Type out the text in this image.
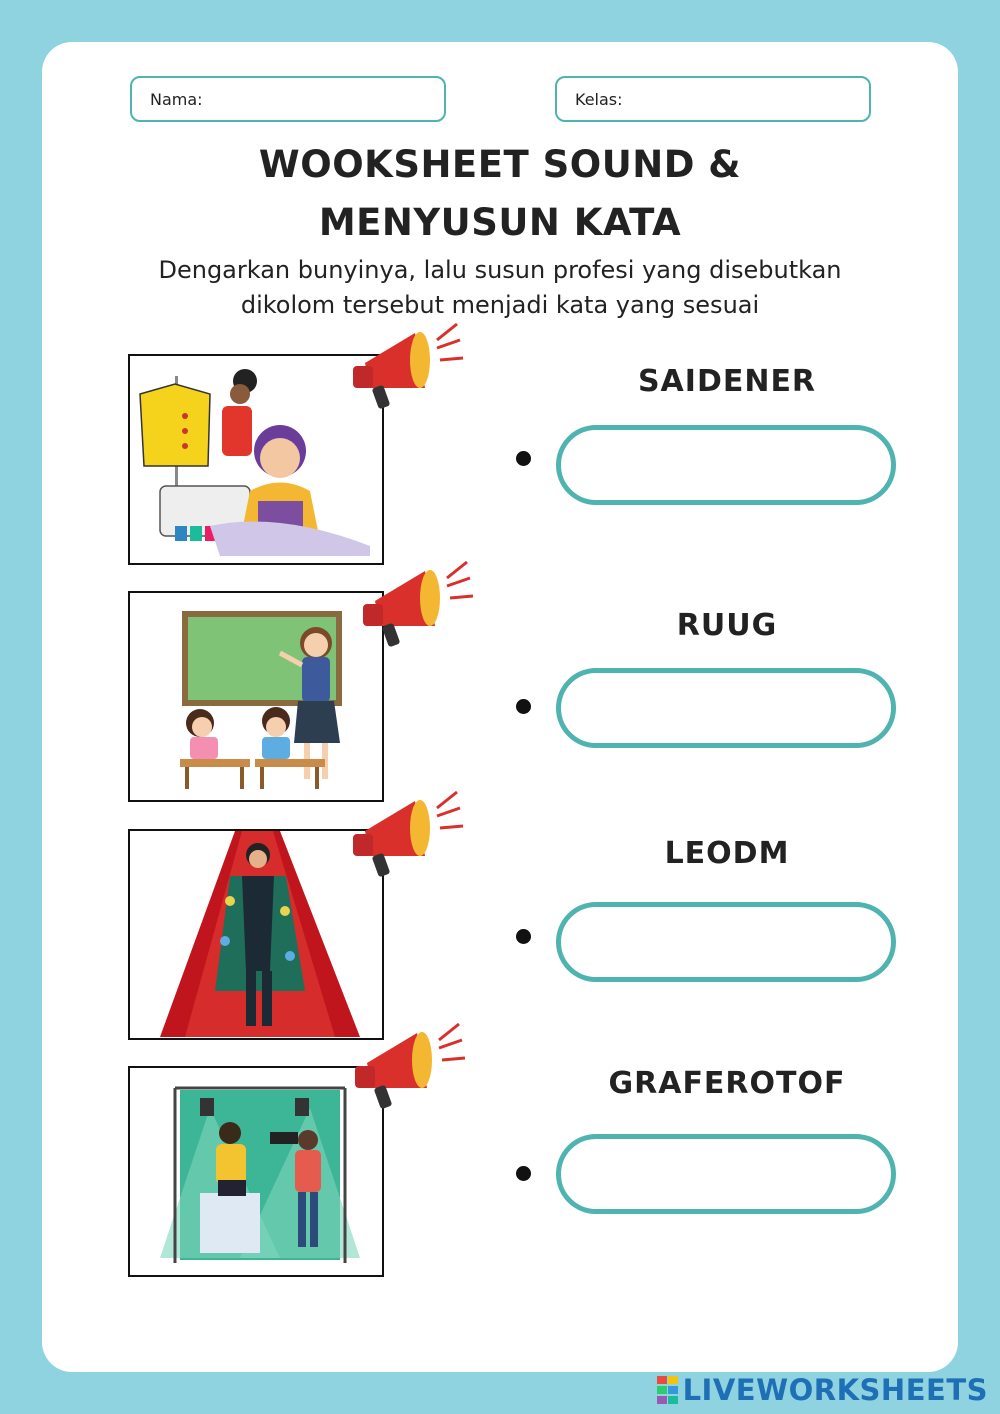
Nama:	Kelas:
WOOKSHEET SOUND &
MENYUSUN KATA
Dengarkan bunyinya, lalu susun profesi yang disebutkan
dikolom tersebut menjadi kata yang sesuai
SAIDENER
RUUG
LEODM
GRAFEROTOF
LIVEWORKSHEETS
